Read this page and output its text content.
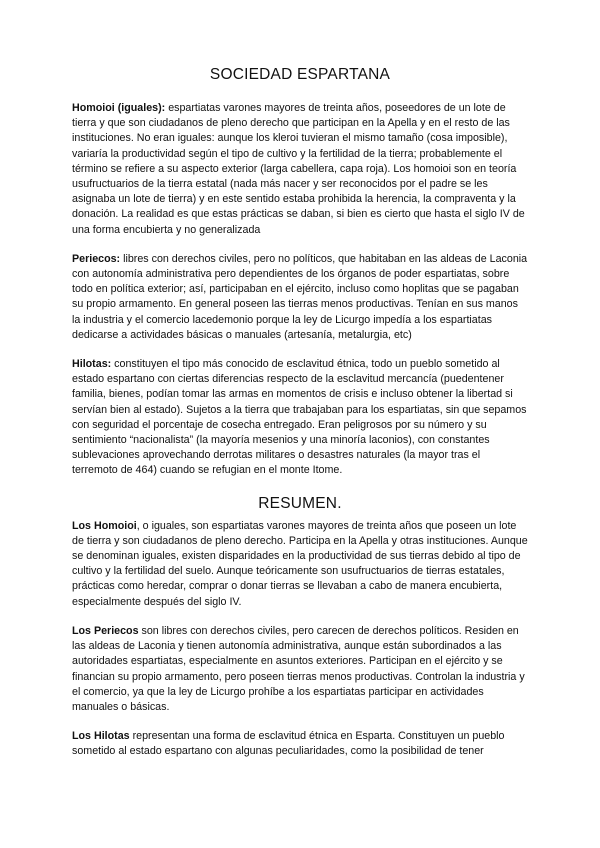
SOCIEDAD ESPARTANA

Homoioi (iguales): espartiatas varones mayores de treinta años, poseedores de un lote de tierra y que son ciudadanos de pleno derecho que participan en la Apella y en el resto de las instituciones. No eran iguales: aunque los kleroi tuvieran el mismo tamaño (cosa imposible), variaría la productividad según el tipo de cultivo y la fertilidad de la tierra; probablemente el término se refiere a su aspecto exterior (larga cabellera, capa roja). Los homoioi son en teoría usufructuarios de la tierra estatal (nada más nacer y ser reconocidos por el padre se les asignaba un lote de tierra) y en este sentido estaba prohibida la herencia, la compraventa y la donación. La realidad es que estas prácticas se daban, si bien es cierto que hasta el siglo IV de una forma encubierta y no generalizada

Periecos: libres con derechos civiles, pero no políticos, que habitaban en las aldeas de Laconia con autonomía administrativa pero dependientes de los órganos de poder espartiatas, sobre todo en política exterior; así, participaban en el ejército, incluso como hoplitas que se pagaban su propio armamento. En general poseen las tierras menos productivas. Tenían en sus manos la industria y el comercio lacedemonio porque la ley de Licurgo impedía a los espartiatas dedicarse a actividades básicas o manuales (artesanía, metalurgia, etc)

Hilotas: constituyen el tipo más conocido de esclavitud étnica, todo un pueblo sometido al estado espartano con ciertas diferencias respecto de la esclavitud mercancía (puedentener familia, bienes, podían tomar las armas en momentos de crisis e incluso obtener la libertad si servían bien al estado). Sujetos a la tierra que trabajaban para los espartiatas, sin que sepamos con seguridad el porcentaje de cosecha entregado. Eran peligrosos por su número y su sentimiento “nacionalista” (la mayoría mesenios y una minoría laconios), con constantes sublevaciones aprovechando derrotas militares o desastres naturales (la mayor tras el terremoto de 464) cuando se refugian en el monte Itome.

RESUMEN.

Los Homoioi, o iguales, son espartiatas varones mayores de treinta años que poseen un lote de tierra y son ciudadanos de pleno derecho. Participa en la Apella y otras instituciones. Aunque se denominan iguales, existen disparidades en la productividad de sus tierras debido al tipo de cultivo y la fertilidad del suelo. Aunque teóricamente son usufructuarios de tierras estatales, prácticas como heredar, comprar o donar tierras se llevaban a cabo de manera encubierta, especialmente después del siglo IV.

Los Periecos son libres con derechos civiles, pero carecen de derechos políticos. Residen en las aldeas de Laconia y tienen autonomía administrativa, aunque están subordinados a las autoridades espartiatas, especialmente en asuntos exteriores. Participan en el ejército y se financian su propio armamento, pero poseen tierras menos productivas. Controlan la industria y el comercio, ya que la ley de Licurgo prohíbe a los espartiatas participar en actividades manuales o básicas.

Los Hilotas representan una forma de esclavitud étnica en Esparta. Constituyen un pueblo sometido al estado espartano con algunas peculiaridades, como la posibilidad de tener
